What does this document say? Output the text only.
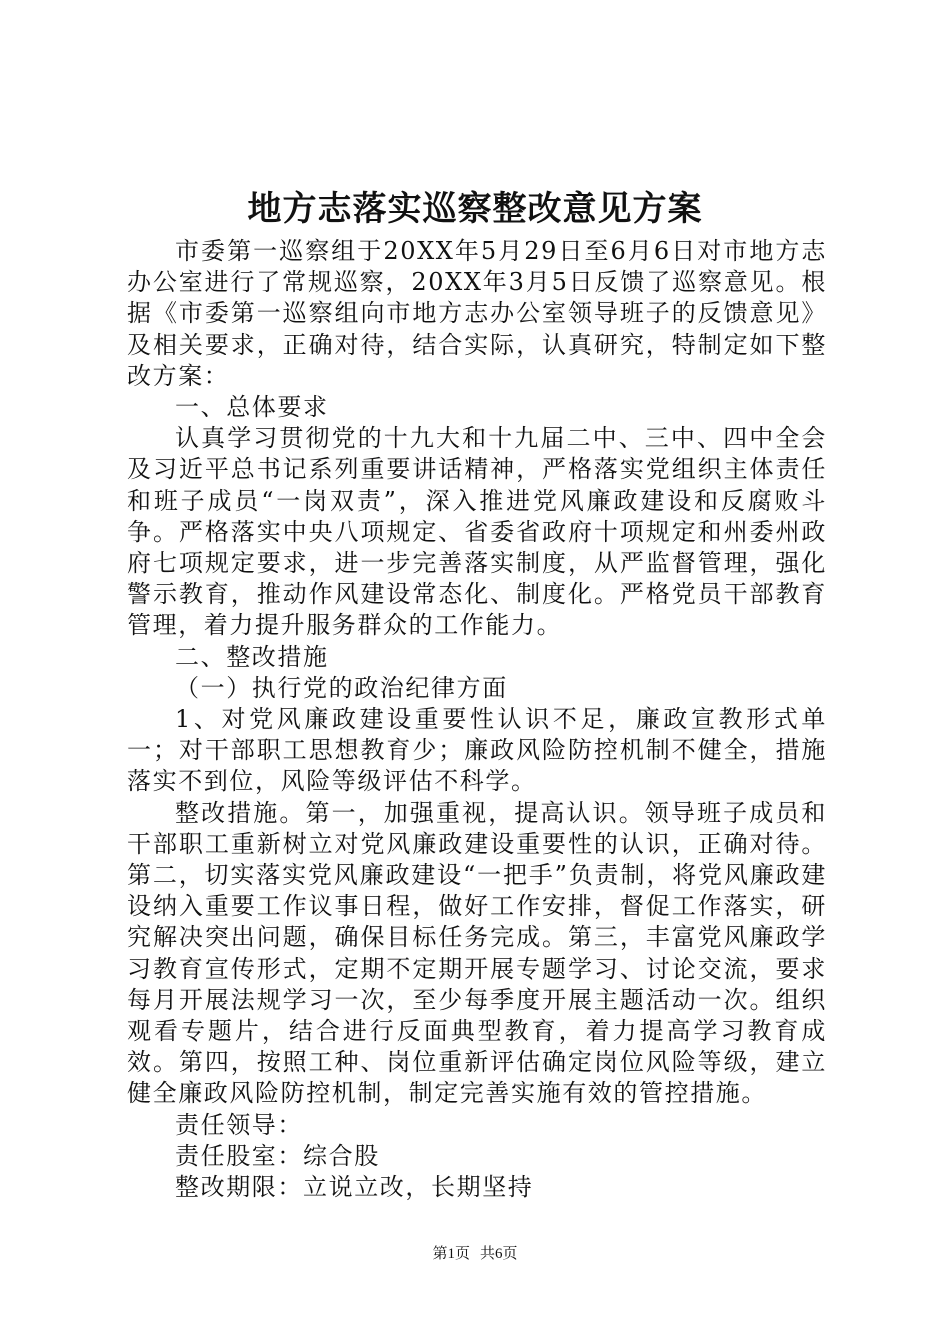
地方志落实巡察整改意见方案

市委第一巡察组于20XX年5月29日至6月6日对市地方志办公室进行了常规巡察，20XX年3月5日反馈了巡察意见。根据《市委第一巡察组向市地方志办公室领导班子的反馈意见》及相关要求，正确对待，结合实际，认真研究，特制定如下整改方案：

一、总体要求

认真学习贯彻党的十九大和十九届二中、三中、四中全会及习近平总书记系列重要讲话精神，严格落实党组织主体责任和班子成员“一岗双责”，深入推进党风廉政建设和反腐败斗争。严格落实中央八项规定、省委省政府十项规定和州委州政府七项规定要求，进一步完善落实制度，从严监督管理，强化警示教育，推动作风建设常态化、制度化。严格党员干部教育管理，着力提升服务群众的工作能力。

二、整改措施

（一）执行党的政治纪律方面

1、对党风廉政建设重要性认识不足，廉政宣教形式单一；对干部职工思想教育少；廉政风险防控机制不健全，措施落实不到位，风险等级评估不科学。

整改措施。第一，加强重视，提高认识。领导班子成员和干部职工重新树立对党风廉政建设重要性的认识，正确对待。第二，切实落实党风廉政建设“一把手”负责制，将党风廉政建设纳入重要工作议事日程，做好工作安排，督促工作落实，研究解决突出问题，确保目标任务完成。第三，丰富党风廉政学习教育宣传形式，定期不定期开展专题学习、讨论交流，要求每月开展法规学习一次，至少每季度开展主题活动一次。组织观看专题片，结合进行反面典型教育，着力提高学习教育成效。第四，按照工种、岗位重新评估确定岗位风险等级，建立健全廉政风险防控机制，制定完善实施有效的管控措施。

责任领导：

责任股室：综合股

整改期限：立说立改，长期坚持

第1页 共6页
